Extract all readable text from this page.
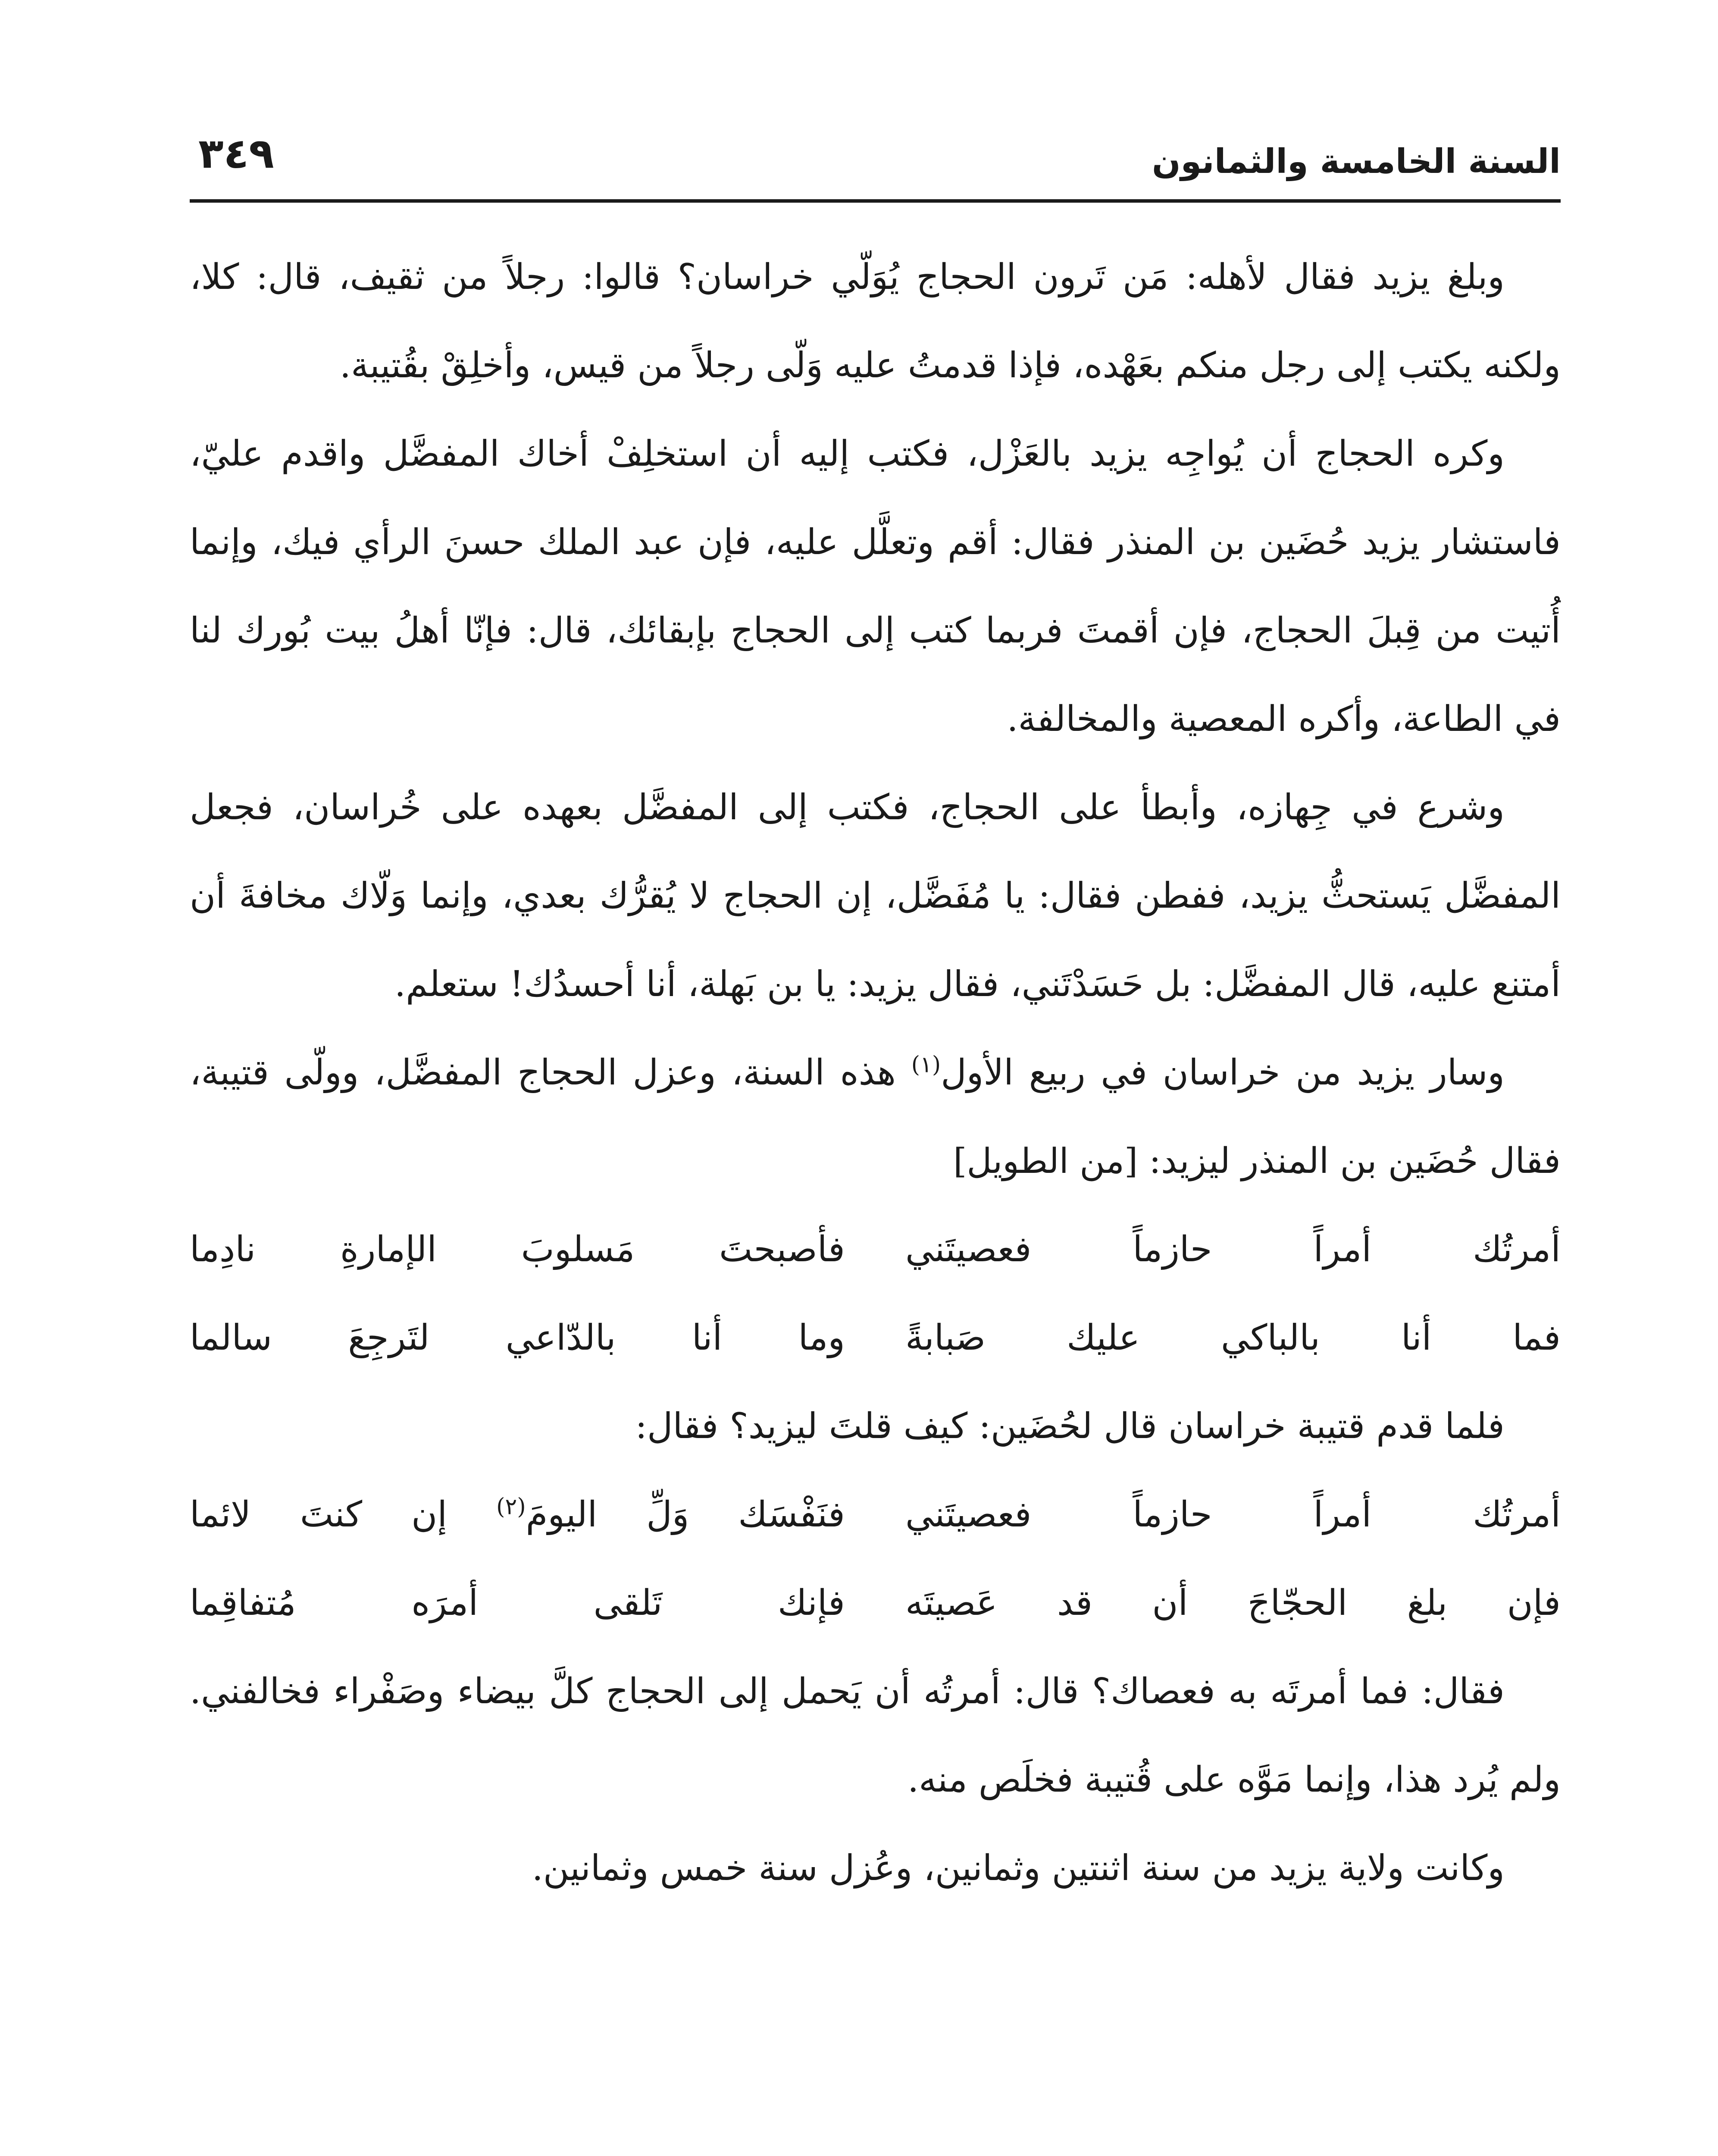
السنة الخامسة والثمانون
٣٤٩

وبلغ يزيد فقال لأهله: مَن تَرون الحجاج يُوَلّي خراسان؟ قالوا: رجلاً من ثقيف، قال: كلا، ولكنه يكتب إلى رجل منكم بعَهْده، فإذا قدمتُ عليه وَلّى رجلاً من قيس، وأخلِقْ بقُتيبة.

وكره الحجاج أن يُواجِه يزيد بالعَزْل، فكتب إليه أن استخلِفْ أخاك المفضَّل واقدم عليّ، فاستشار يزيد حُضَين بن المنذر فقال: أقم وتعلَّل عليه، فإن عبد الملك حسنَ الرأي فيك، وإنما أُتيت من قِبلَ الحجاج، فإن أقمتَ فربما كتب إلى الحجاج بإبقائك، قال: فإنّا أهلُ بيت بُورك لنا في الطاعة، وأكره المعصية والمخالفة.

وشرع في جِهازه، وأبطأ على الحجاج، فكتب إلى المفضَّل بعهده على خُراسان، فجعل المفضَّل يَستحثُّ يزيد، ففطن فقال: يا مُفَضَّل، إن الحجاج لا يُقرُّك بعدي، وإنما وَلّاك مخافةَ أن أمتنع عليه، قال المفضَّل: بل حَسَدْتَني، فقال يزيد: يا بن بَهلة، أنا أحسدُك! ستعلم.

وسار يزيد من خراسان في ربيع الأول$^{(١)}$ هذه السنة، وعزل الحجاج المفضَّل، وولّى قتيبة، فقال حُضَين بن المنذر ليزيد: [من الطويل]

أمرتُك أمراً حازماً فعصيتَني
فأصبحتَ مَسلوبَ الإمارةِ نادِما
فما أنا بالباكي عليك صَبابةً
وما أنا بالدّاعي لتَرجِعَ سالما

فلما قدم قتيبة خراسان قال لحُضَين: كيف قلتَ ليزيد؟ فقال:

أمرتُك أمراً حازماً فعصيتَني
فنَفْسَك وَلِّ اليومَ$^{(٢)}$ إن كنتَ لائما
فإن بلغ الحجّاجَ أن قد عَصيتَه
فإنك تَلقى أمرَه مُتفاقِما

فقال: فما أمرتَه به فعصاك؟ قال: أمرتُه أن يَحمل إلى الحجاج كلَّ بيضاء وصَفْراء فخالفني. ولم يُرد هذا، وإنما مَوَّه على قُتيبة فخلَص منه.

وكانت ولاية يزيد من سنة اثنتين وثمانين، وعُزل سنة خمس وثمانين.
